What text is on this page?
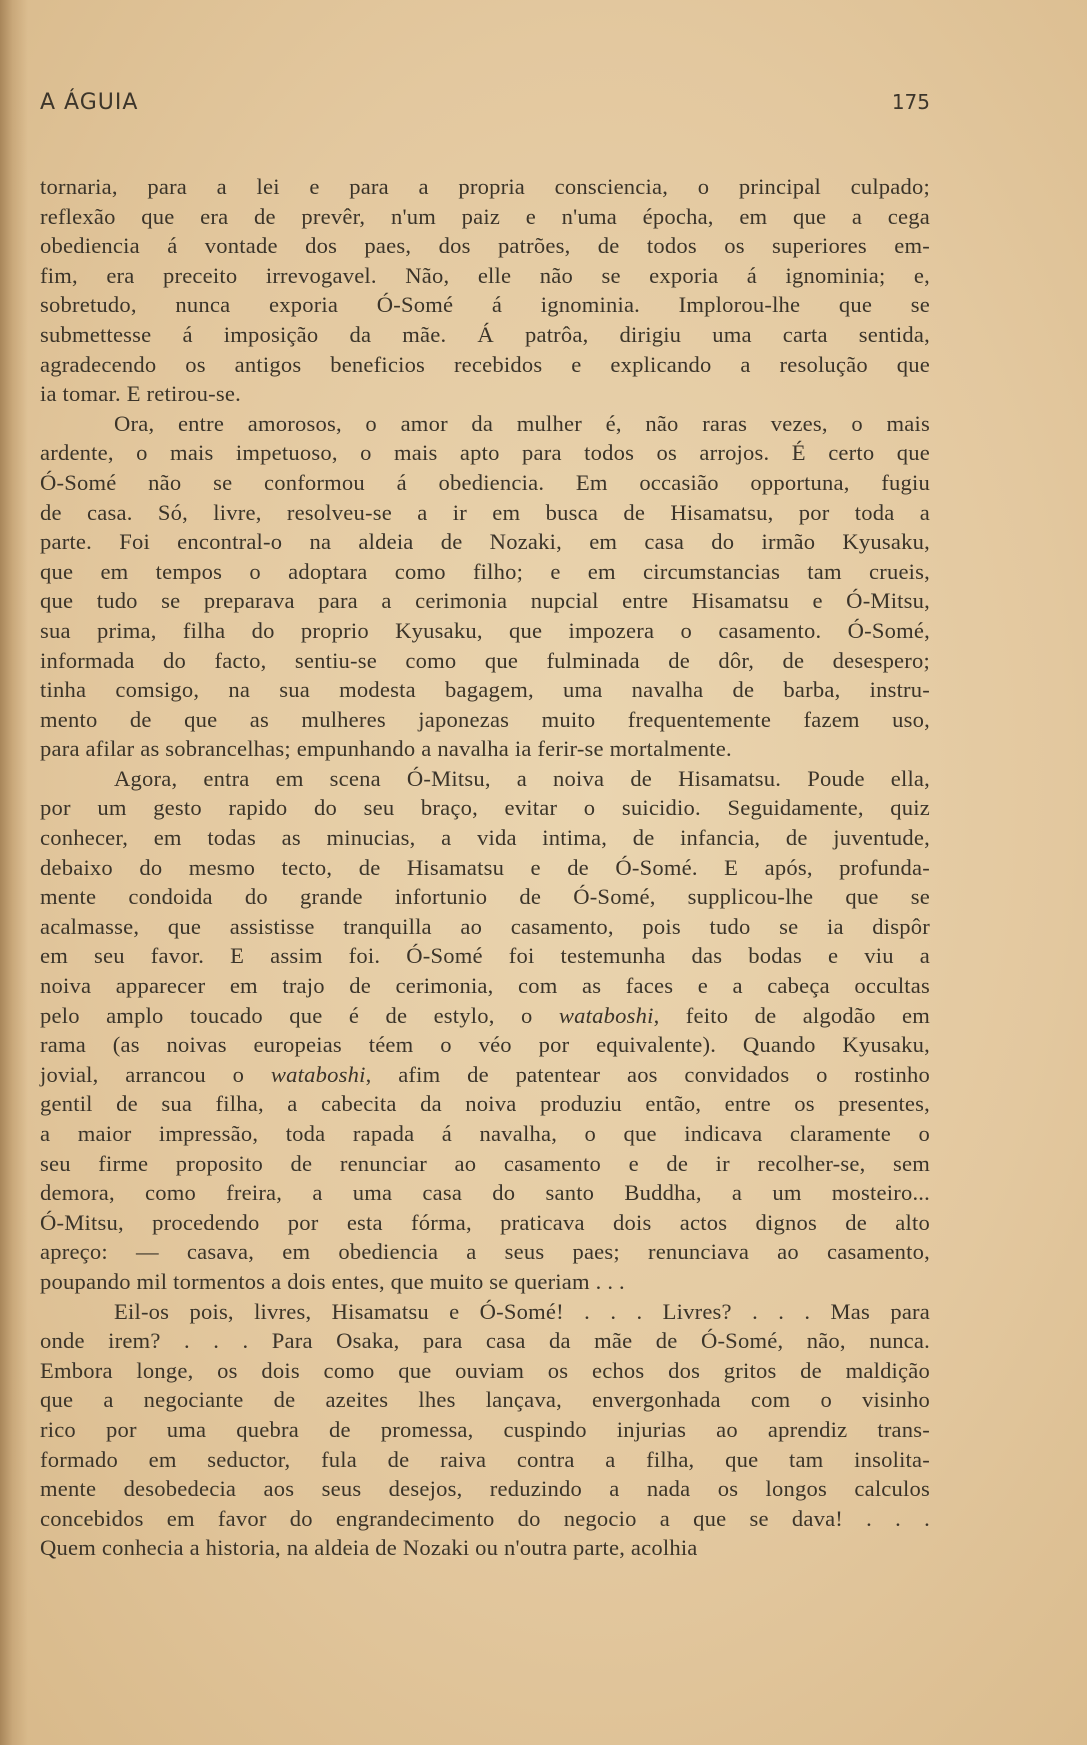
A ÁGUIA	175
tornaria, para a lei e para a propria consciencia, o principal culpado;
reflexão que era de prevêr, n'um paiz e n'uma épocha, em que a cega
obediencia á vontade dos paes, dos patrões, de todos os superiores em-
fim, era preceito irrevogavel. Não, elle não se exporia á ignominia; e,
sobretudo, nunca exporia Ó-Somé á ignominia. Implorou-lhe que se
submettesse á imposição da mãe. Á patrôa, dirigiu uma carta sentida,
agradecendo os antigos beneficios recebidos e explicando a resolução que
ia tomar. E retirou-se.
Ora, entre amorosos, o amor da mulher é, não raras vezes, o mais
ardente, o mais impetuoso, o mais apto para todos os arrojos. É certo que
Ó-Somé não se conformou á obediencia. Em occasião opportuna, fugiu
de casa. Só, livre, resolveu-se a ir em busca de Hisamatsu, por toda a
parte. Foi encontral-o na aldeia de Nozaki, em casa do irmão Kyusaku,
que em tempos o adoptara como filho; e em circumstancias tam crueis,
que tudo se preparava para a cerimonia nupcial entre Hisamatsu e Ó-Mitsu,
sua prima, filha do proprio Kyusaku, que impozera o casamento. Ó-Somé,
informada do facto, sentiu-se como que fulminada de dôr, de desespero;
tinha comsigo, na sua modesta bagagem, uma navalha de barba, instru-
mento de que as mulheres japonezas muito frequentemente fazem uso,
para afilar as sobrancelhas; empunhando a navalha ia ferir-se mortalmente.
Agora, entra em scena Ó-Mitsu, a noiva de Hisamatsu. Poude ella,
por um gesto rapido do seu braço, evitar o suicidio. Seguidamente, quiz
conhecer, em todas as minucias, a vida intima, de infancia, de juventude,
debaixo do mesmo tecto, de Hisamatsu e de Ó-Somé. E após, profunda-
mente condoida do grande infortunio de Ó-Somé, supplicou-lhe que se
acalmasse, que assistisse tranquilla ao casamento, pois tudo se ia dispôr
em seu favor. E assim foi. Ó-Somé foi testemunha das bodas e viu a
noiva apparecer em trajo de cerimonia, com as faces e a cabeça occultas
pelo amplo toucado que é de estylo, o wataboshi, feito de algodão em
rama (as noivas europeias téem o véo por equivalente). Quando Kyusaku,
jovial, arrancou o wataboshi, afim de patentear aos convidados o rostinho
gentil de sua filha, a cabecita da noiva produziu então, entre os presentes,
a maior impressão, toda rapada á navalha, o que indicava claramente o
seu firme proposito de renunciar ao casamento e de ir recolher-se, sem
demora, como freira, a uma casa do santo Buddha, a um mosteiro...
Ó-Mitsu, procedendo por esta fórma, praticava dois actos dignos de alto
apreço: — casava, em obediencia a seus paes; renunciava ao casamento,
poupando mil tormentos a dois entes, que muito se queriam . . .
Eil-os pois, livres, Hisamatsu e Ó-Somé! . . . Livres? . . . Mas para
onde irem? . . . Para Osaka, para casa da mãe de Ó-Somé, não, nunca.
Embora longe, os dois como que ouviam os echos dos gritos de maldição
que a negociante de azeites lhes lançava, envergonhada com o visinho
rico por uma quebra de promessa, cuspindo injurias ao aprendiz trans-
formado em seductor, fula de raiva contra a filha, que tam insolita-
mente desobedecia aos seus desejos, reduzindo a nada os longos calculos
concebidos em favor do engrandecimento do negocio a que se dava! . . .
Quem conhecia a historia, na aldeia de Nozaki ou n'outra parte, acolhia
